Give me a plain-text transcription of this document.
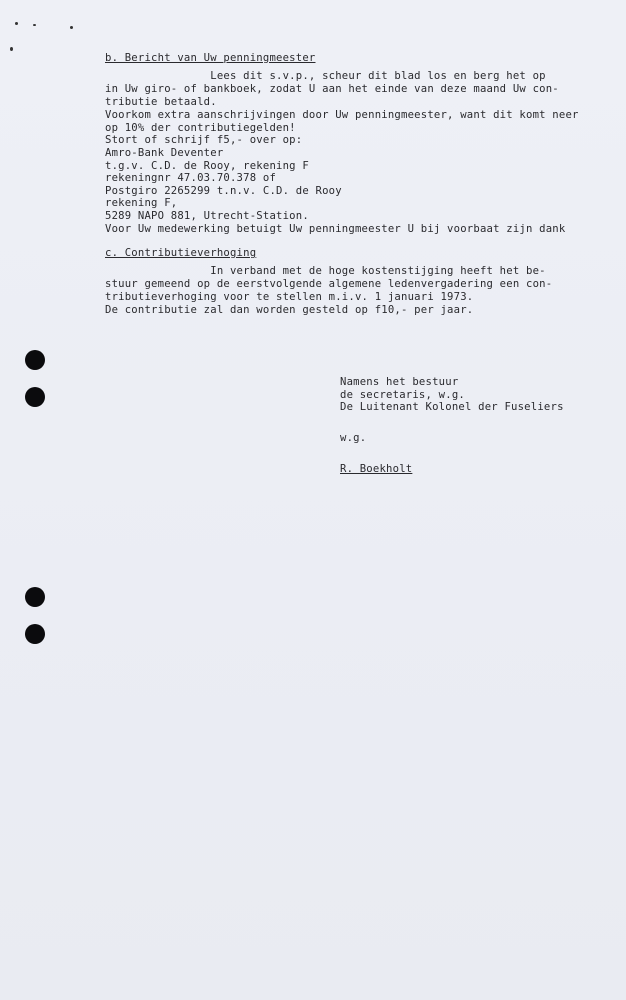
b. Bericht van Uw penningmeester
Lees dit s.v.p., scheur dit blad los en berg het op
in Uw giro- of bankboek, zodat U aan het einde van deze maand Uw con-
tributie betaald.
Voorkom extra aanschrijvingen door Uw penningmeester, want dit komt neer
op 10% der contributiegelden!
Stort of schrijf f5,- over op:
Amro-Bank Deventer
t.g.v. C.D. de Rooy, rekening F
rekeningnr 47.03.70.378 of
Postgiro 2265299 t.n.v. C.D. de Rooy
rekening F,
5289 NAPO 881, Utrecht-Station.
Voor Uw medewerking betuigt Uw penningmeester U bij voorbaat zijn dank
c. Contributieverhoging
In verband met de hoge kostenstijging heeft het be-
stuur gemeend op de eerstvolgende algemene ledenvergadering een con-
tributieverhoging voor te stellen m.i.v. 1 januari 1973.
De contributie zal dan worden gesteld op f10,- per jaar.
Namens het bestuur
de secretaris, w.g.
De Luitenant Kolonel der Fuseliers
w.g.
R. Boekholt
